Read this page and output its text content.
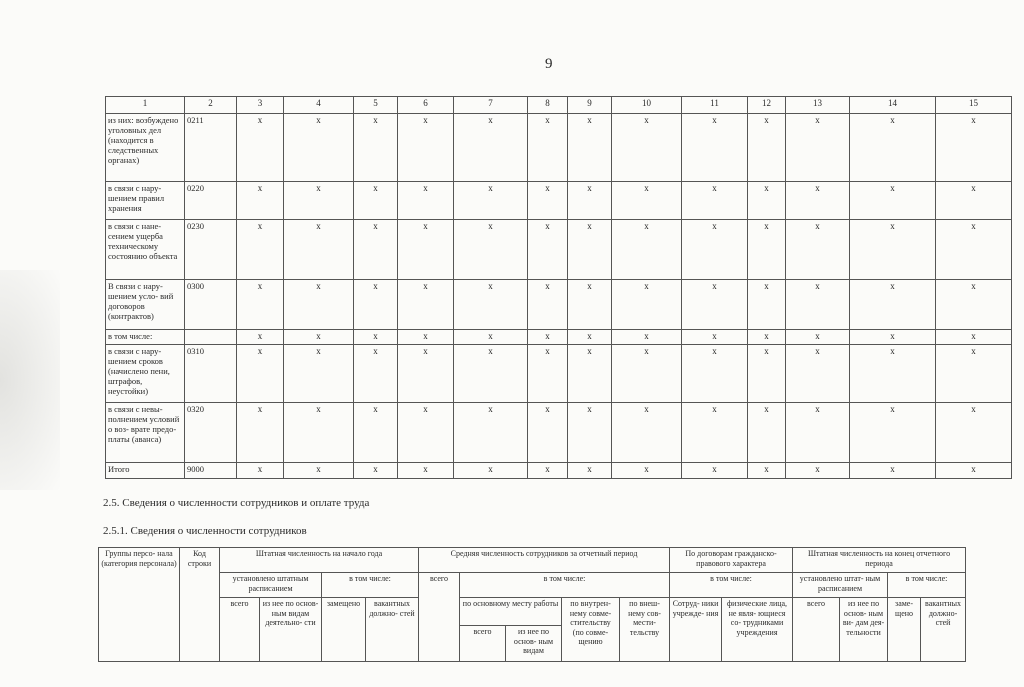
9
1	2	3	4	5	6	7	8	9	10	11	12	13	14	15
из них: возбуждено уголовных дел (находится в следственных органах)	0211	x	x	x	x	x	x	x	x	x	x	x	x	x
в связи с нару- шением правил хранения	0220	x	x	x	x	x	x	x	x	x	x	x	x	x
в связи с нане- сением ущерба техническому состоянию объекта	0230	x	x	x	x	x	x	x	x	x	x	x	x	x
В связи с нару- шением усло- вий договоров (контрактов)	0300	x	x	x	x	x	x	x	x	x	x	x	x	x
в том числе:		x	x	x	x	x	x	x	x	x	x	x	x	x
в связи с нару- шением сроков (начислено пени, штрафов, неустойки)	0310	x	x	x	x	x	x	x	x	x	x	x	x	x
в связи с невы- полнением условий о воз- врате предо- платы (аванса)	0320	x	x	x	x	x	x	x	x	x	x	x	x	x
Итого	9000	x	x	x	x	x	x	x	x	x	x	x	x	x
2.5. Сведения о численности сотрудников и оплате труда
2.5.1. Сведения о численности сотрудников
Группы персо- нала (категория персонала)	Код строки	Штатная численность на начало года				Средняя численность сотрудников за отчетный период					По договорам гражданско- правового характера		Штатная численность на конец отчетного периода			
		установлено штатным расписанием		в том числе:		всего	в том числе:				в том числе:		установлено штат- ным расписанием		в том числе:	
		всего	из нее по основ- ным видам деятельно- сти	замещено	вакантных должно- стей		по основному месту работы		по внутрен- нему совме- стительству (по совме- щению	по внеш- нему сов- мести- тельству	Сотруд- ники учрежде- ния	физические лица, не явля- ющиеся со- трудниками учреждения	всего	из нее по основ- ным ви- дам дея- тельности	заме- щено	вакантных должно- стей
							всего	из нее по основ- ным видам								
